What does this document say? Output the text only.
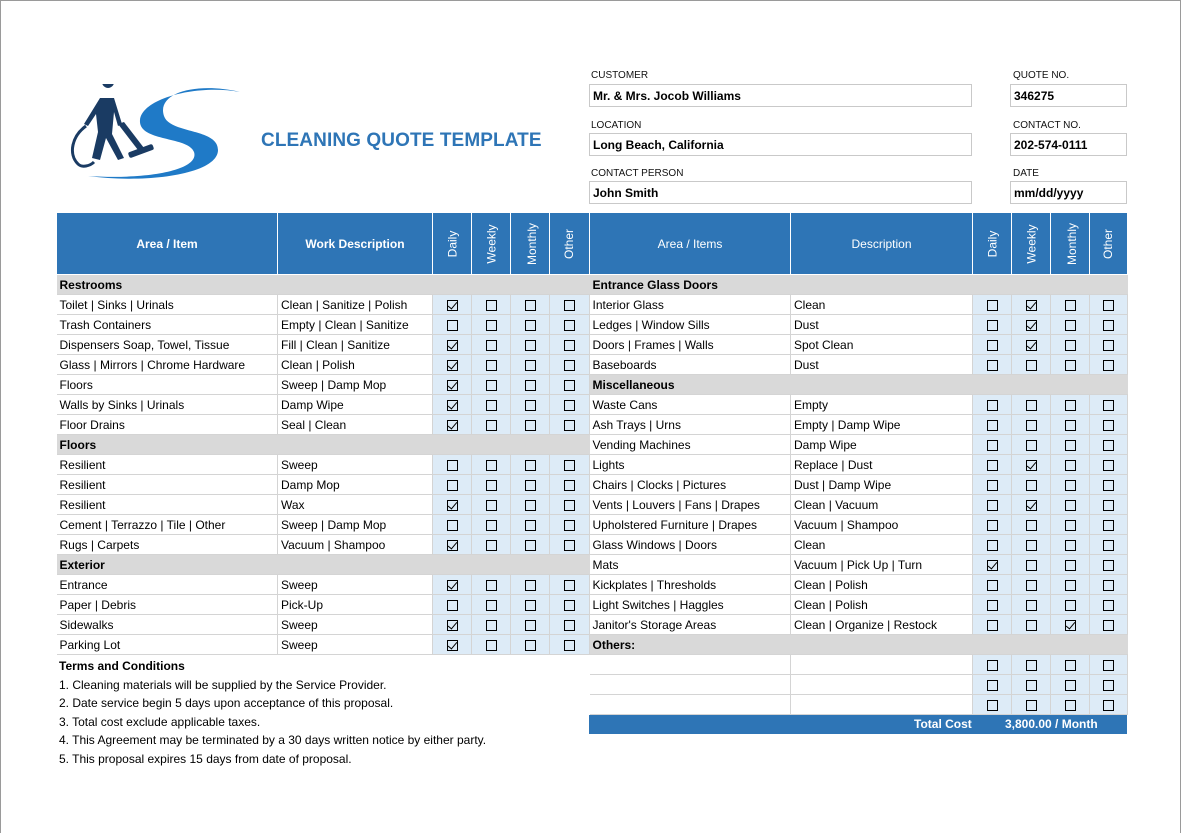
CLEANING QUOTE TEMPLATE
CUSTOMER
Mr. & Mrs. Jocob Williams
LOCATION
Long Beach, California
CONTACT PERSON
John Smith
QUOTE NO.
346275
CONTACT NO.
202-574-0111
DATE
mm/dd/yyyy
Area / Item	Work Description	Daily	Weekly	Monthly	Other
Restrooms					
Toilet | Sinks | Urinals	Clean | Sanitize | Polish				
Trash Containers	Empty | Clean | Sanitize				
Dispensers Soap, Towel, Tissue	Fill | Clean | Sanitize				
Glass | Mirrors | Chrome Hardware	Clean | Polish				
Floors	Sweep | Damp Mop				
Walls by Sinks | Urinals	Damp Wipe				
Floor Drains	Seal | Clean				
Floors					
Resilient	Sweep				
Resilient	Damp Mop				
Resilient	Wax				
Cement | Terrazzo | Tile | Other	Sweep | Damp Mop				
Rugs | Carpets	Vacuum | Shampoo				
Exterior					
Entrance	Sweep				
Paper | Debris	Pick-Up				
Sidewalks	Sweep				
Parking Lot	Sweep				
Area / Items	Description	Daily	Weekly	Monthly	Other
Entrance Glass Doors					
Interior Glass	Clean				
Ledges | Window Sills	Dust				
Doors | Frames | Walls	Spot Clean				
Baseboards	Dust				
Miscellaneous					
Waste Cans	Empty				
Ash Trays | Urns	Empty | Damp Wipe				
Vending Machines	Damp Wipe				
Lights	Replace | Dust				
Chairs | Clocks | Pictures	Dust | Damp Wipe				
Vents | Louvers | Fans | Drapes	Clean | Vacuum				
Upholstered Furniture | Drapes	Vacuum | Shampoo				
Glass Windows | Doors	Clean				
Mats	Vacuum | Pick Up | Turn				
Kickplates | Thresholds	Clean | Polish				
Light Switches | Haggles	Clean | Polish				
Janitor's Storage Areas	Clean | Organize | Restock				
Others:					

Total Cost	3,800.00 / Month
Terms and Conditions
1. Cleaning materials will be supplied by the Service Provider.
2. Date service begin 5 days upon acceptance of this proposal.
3. Total cost exclude applicable taxes.
4. This Agreement may be terminated by a 30 days written notice by either party.
5. This proposal expires 15 days from date of proposal.
